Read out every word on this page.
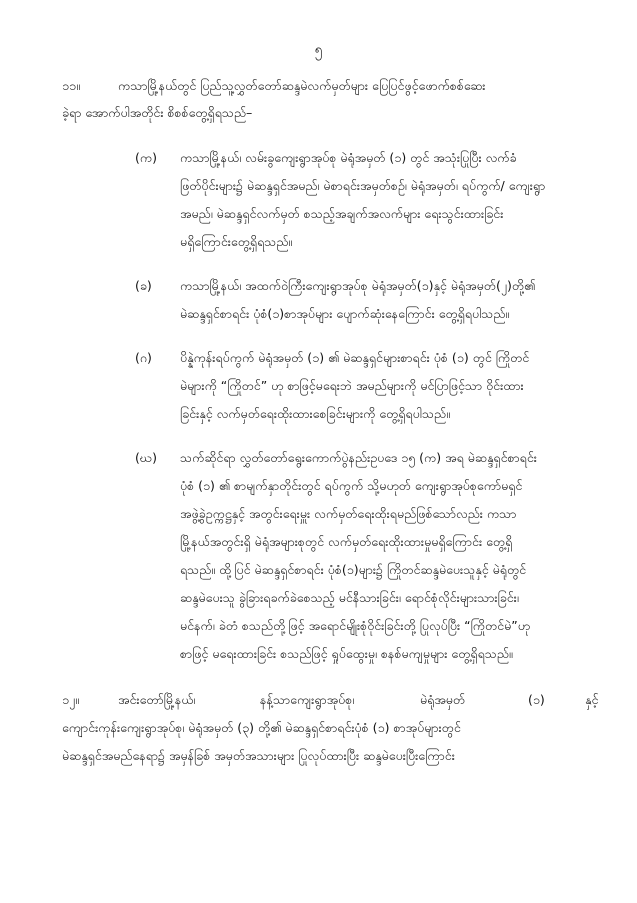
၅
၁၁။	ကသာမြို့နယ်တွင် ပြည်သူ့လွှတ်တော်ဆန္ဒမဲလက်မှတ်များ ပြေပြင်ဖွင့်ဖောက်စစ်ဆေး
ခဲ့ရာ အောက်ပါအတိုင်း စိစစ်တွေ့ရှိရသည်–
(က) ကသာမြို့နယ်၊ လမ်းခွကျေးရွာအုပ်စု မဲရုံအမှတ် (၁) တွင် အသုံးပြုပြီး လက်ခံ
ဖြတ်ပိုင်းများ၌ မဲဆန္ဒရှင်အမည်၊ မဲစာရင်းအမှတ်စဉ်၊ မဲရုံအမှတ်၊ ရပ်ကွက်/ ကျေးရွာ
အမည်၊ မဲဆန္ဒရှင်လက်မှတ် စသည့်အချက်အလက်များ ရေးသွင်းထားခြင်း
မရှိကြောင်းတွေ့ရှိရသည်။
(ခ) ကသာမြို့နယ်၊ အထက်ဝဲကြီးကျေးရွာအုပ်စု မဲရုံအမှတ်(၁)နှင့် မဲရုံအမှတ်(၂)တို့၏
မဲဆန္ဒရှင်စာရင်း ပုံစံ(၁)စာအုပ်များ ပျောက်ဆုံးနေကြောင်း တွေ့ရှိရပါသည်။
(ဂ) ပိန္နဲကုန်းရပ်ကွက် မဲရုံအမှတ် (၁) ၏ မဲဆန္ဒရှင်များစာရင်း ပုံစံ (၁) တွင် ကြိုတင်
မဲများကို “ကြိုတင်” ဟု စာဖြင့်မရေးဘဲ အမည်များကို မင်ပြာဖြင့်သာ ဝိုင်းထား
ခြင်းနှင့် လက်မှတ်ရေးထိုးထားစေခြင်းများကို တွေ့ရှိရပါသည်။
(ဃ) သက်ဆိုင်ရာ လွှတ်တော်ရွေးကောက်ပွဲနည်းဥပဒေ ၁၅ (က) အရ မဲဆန္ဒရှင်စာရင်း
ပုံစံ (၁) ၏ စာမျက်နှာတိုင်းတွင် ရပ်ကွက် သို့မဟုတ် ကျေးရွာအုပ်စုကော်မရှင်
အဖွဲ့ခွဲဥက္ကဋ္ဌနှင့် အတွင်းရေးမှူး လက်မှတ်ရေးထိုးရမည်ဖြစ်သော်လည်း ကသာ
မြို့နယ်အတွင်းရှိ မဲရုံအများစုတွင် လက်မှတ်ရေးထိုးထားမှုမရှိကြောင်း တွေ့ရှိ
ရသည်။ ထို့ပြင် မဲဆန္ဒရှင်စာရင်း ပုံစံ(၁)များ၌ ကြိုတင်ဆန္ဒမဲပေးသူနှင့် မဲရုံတွင်
ဆန္ဒမဲပေးသူ ခွဲခြားရခက်ခဲစေသည့် မင်နီသားခြင်း၊ ရောင်စုံလိုင်းများသားခြင်း၊
မင်နက်၊ ခဲတံ စသည်တို့ဖြင့် အရောင်မျိုးစုံဝိုင်းခြင်းတို့ ပြုလုပ်ပြီး “ကြိုတင်မဲ”ဟု
စာဖြင့် မရေးထားခြင်း စသည်ဖြင့် ရှုပ်ထွေးမှု၊ စနစ်မကျမှုများ တွေ့ရှိရသည်။
၁၂။	အင်းတော်မြို့နယ်၊	နန့်သာကျေးရွာအုပ်စု၊	မဲရုံအမှတ်	(၁)	နှင့်
ကျောင်းကုန်းကျေးရွာအုပ်စု၊ မဲရုံအမှတ် (၃) တို့၏ မဲဆန္ဒရှင်စာရင်းပုံစံ (၁) စာအုပ်များတွင်
မဲဆန္ဒရှင်အမည်နေရာ၌ အမှန်ခြစ် အမှတ်အသားများ ပြုလုပ်ထားပြီး ဆန္ဒမဲပေးပြီးကြောင်း
